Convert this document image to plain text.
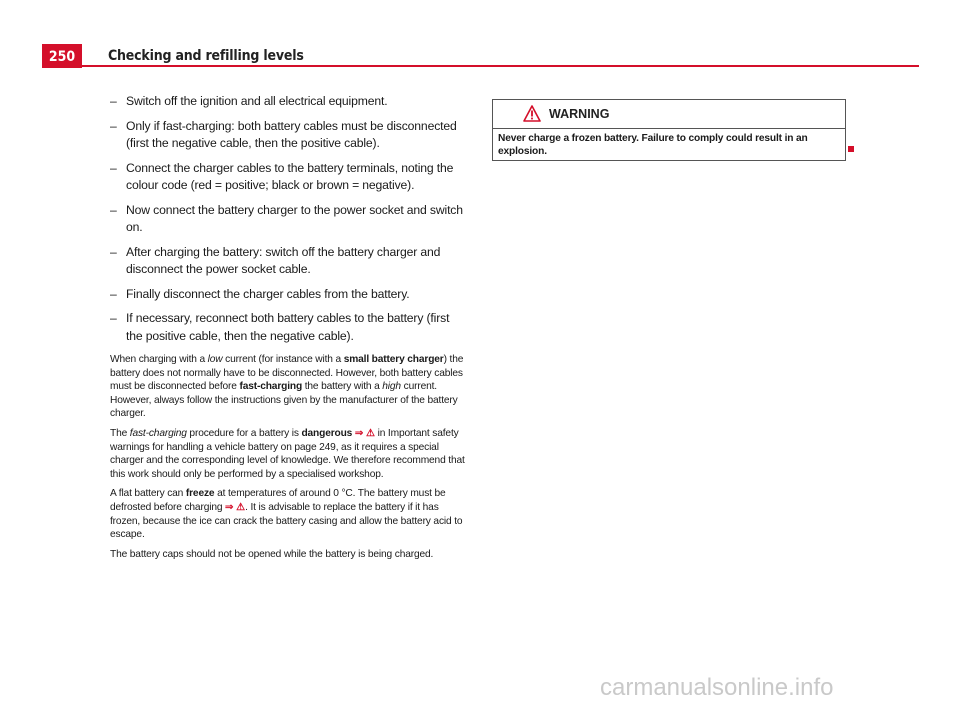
250	Checking and refilling levels
– Switch off the ignition and all electrical equipment.
– Only if fast-charging: both battery cables must be disconnected (first the negative cable, then the positive cable).
– Connect the charger cables to the battery terminals, noting the colour code (red = positive; black or brown = negative).
– Now connect the battery charger to the power socket and switch on.
– After charging the battery: switch off the battery charger and disconnect the power socket cable.
– Finally disconnect the charger cables from the battery.
– If necessary, reconnect both battery cables to the battery (first the positive cable, then the negative cable).

When charging with a low current (for instance with a small battery charger) the battery does not normally have to be disconnected. However, both battery cables must be disconnected before fast-charging the battery with a high current. However, always follow the instructions given by the manufacturer of the battery charger.

The fast-charging procedure for a battery is dangerous ⇒ ⚠ in Important safety warnings for handling a vehicle battery on page 249, as it requires a special charger and the corresponding level of knowledge. We therefore recommend that this work should only be performed by a specialised workshop.

A flat battery can freeze at temperatures of around 0 °C. The battery must be defrosted before charging ⇒ ⚠. It is advisable to replace the battery if it has frozen, because the ice can crack the battery casing and allow the battery acid to escape.

The battery caps should not be opened while the battery is being charged.

WARNING
Never charge a frozen battery. Failure to comply could result in an explosion.
carmanualsonline.info
